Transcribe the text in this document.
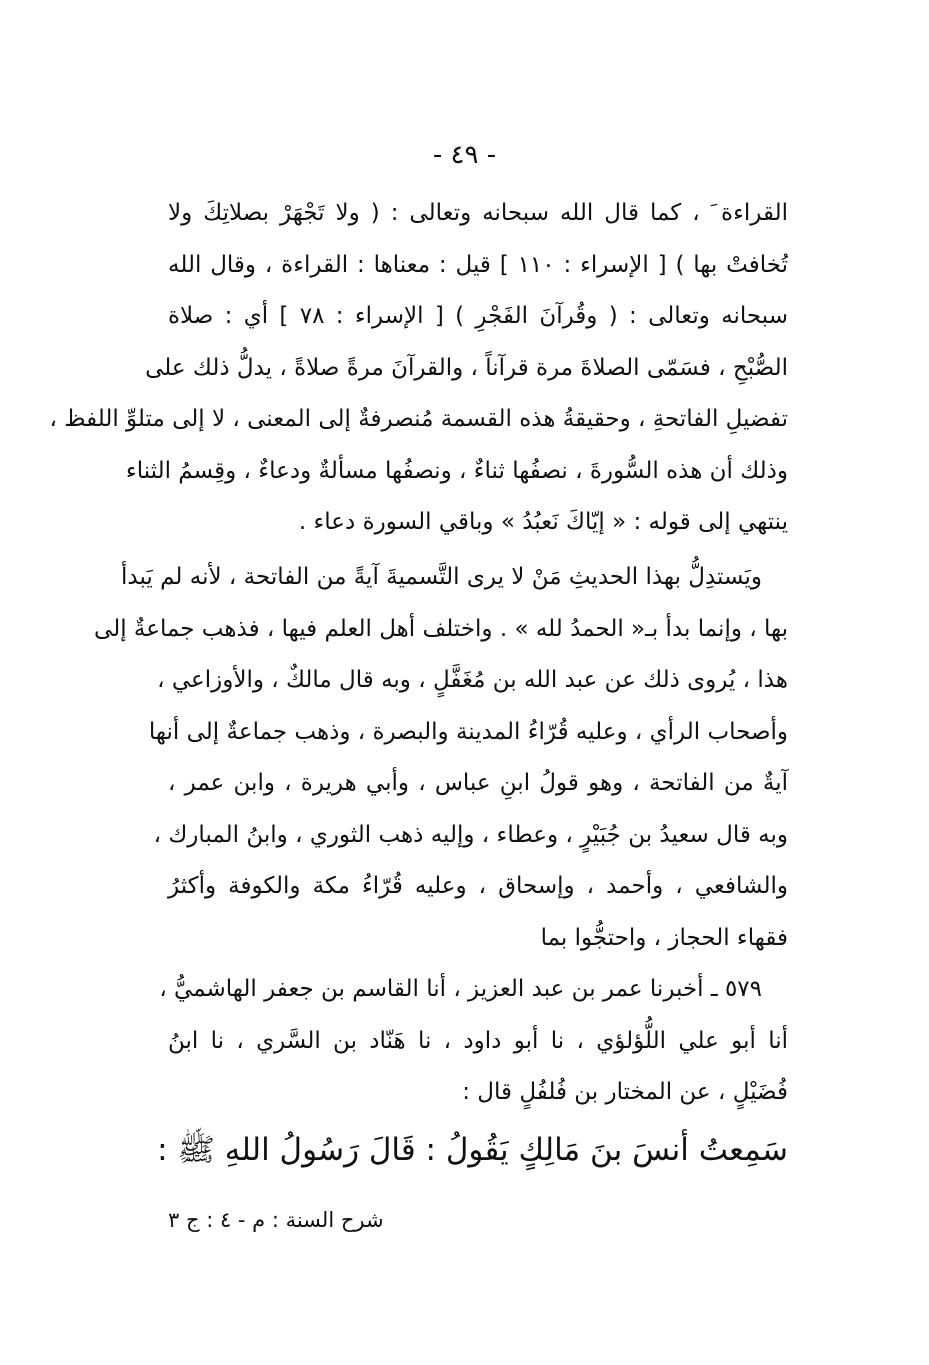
- ٤٩ -
القراءة َ ، كما قال الله سبحانه وتعالى : ( ولا تَجْهَرْ بصلاتِكَ ولا
تُخافتْ بها ) [ الإسراء : ١١٠ ] قيل : معناها : القراءة ، وقال الله
سبحانه وتعالى : ( وقُرآنَ الفَجْرِ ) [ الإسراء : ٧٨ ] أي : صلاة
الصُّبْحِ ، فسَمّى الصلاةَ مرة قرآناً ، والقرآنَ مرةً صلاةً ، يدلُّ ذلك على
تفضيلِ الفاتحةِ ، وحقيقةُ هذه القسمة مُنصرفةٌ إلى المعنى ، لا إلى متلوِّ اللفظ ،
وذلك أن هذه السُّورةَ ، نصفُها ثناءٌ ، ونصفُها مسألةٌ ودعاءٌ ، وقِسمُ الثناء
ينتهي إلى قوله : « إيّاكَ نَعبُدُ » وباقي السورة دعاء .
ويَستدِلُّ بهذا الحديثِ مَنْ لا يرى التَّسميةَ آيةً من الفاتحة ، لأنه لم يَبدأ
بها ، وإنما بدأ بـ« الحمدُ لله » . واختلف أهل العلم فيها ، فذهب جماعةٌ إلى
هذا ، يُروى ذلك عن عبد الله بن مُغَفَّلٍ ، وبه قال مالكٌ ، والأوزاعي ،
وأصحاب الرأي ، وعليه قُرّاءُ المدينة والبصرة ، وذهب جماعةٌ إلى أنها
آيةٌ من الفاتحة ، وهو قولُ ابنِ عباس ، وأبي هريرة ، وابن عمر ،
وبه قال سعيدُ بن جُبَيْرٍ ، وعطاء ، وإليه ذهب الثوري ، وابنُ المبارك ،
والشافعي ، وأحمد ، وإسحاق ، وعليه قُرّاءُ مكة والكوفة وأكثرُ
فقهاء الحجاز ، واحتجُّوا بما
٥٧٩ ـ أخبرنا عمر بن عبد العزيز ، أنا القاسم بن جعفر الهاشميُّ ،
أنا أبو علي اللُّؤلؤي ، نا أبو داود ، نا هَنّاد بن السَّري ، نا ابنُ
فُضَيْلٍ ، عن المختار بن فُلفُلٍ قال :
سَمِعتُ أنسَ بنَ مَالِكٍ يَقُولُ : قَالَ رَسُولُ اللهِ ﷺ :
شرح السنة : م - ٤ : ج ٣
